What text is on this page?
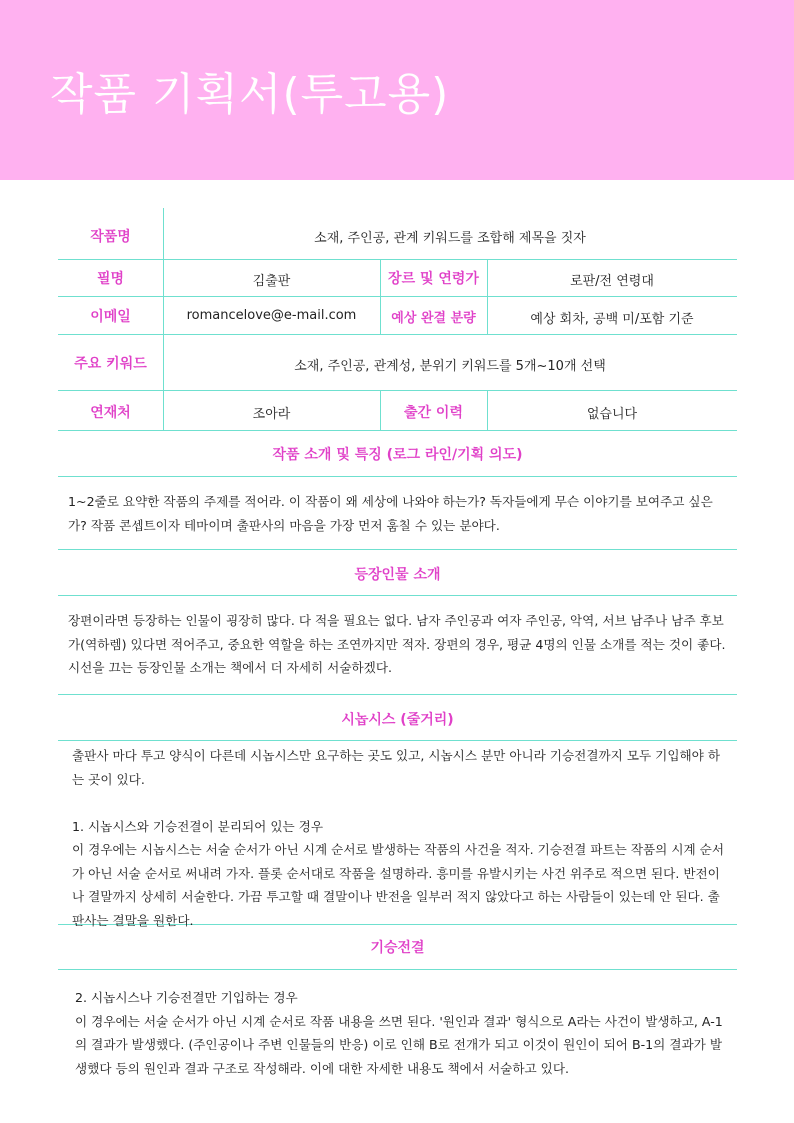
작품 기획서(투고용)
작품명	소재, 주인공, 관계 키워드를 조합해 제목을 짓자
필명	김출판	장르 및 연령가	로판/전 연령대
이메일	romancelove@e-mail.com	예상 완결 분량	예상 회차, 공백 미/포함 기준
주요 키워드	소재, 주인공, 관계성, 분위기 키워드를 5개~10개 선택
연재처	조아라	출간 이력	없습니다
작품 소개 및 특징 (로그 라인/기획 의도)

1~2줄로 요약한 작품의 주제를 적어라. 이 작품이 왜 세상에 나와야 하는가? 독자들에게 무슨 이야기를 보여주고 싶은가? 작품 콘셉트이자 테마이며 출판사의 마음을 가장 먼저 훔칠 수 있는 분야다.

등장인물 소개

장편이라면 등장하는 인물이 굉장히 많다. 다 적을 필요는 없다. 남자 주인공과 여자 주인공, 악역, 서브 남주나 남주 후보가(역하렘) 있다면 적어주고, 중요한 역할을 하는 조연까지만 적자. 장편의 경우, 평균 4명의 인물 소개를 적는 것이 좋다. 시선을 끄는 등장인물 소개는 책에서 더 자세히 서술하겠다.

시놉시스 (줄거리)

출판사 마다 투고 양식이 다른데 시놉시스만 요구하는 곳도 있고, 시놉시스 분만 아니라 기승전결까지 모두 기입해야 하는 곳이 있다.

1. 시놉시스와 기승전결이 분리되어 있는 경우

이 경우에는 시놉시스는 서술 순서가 아닌 시계 순서로 발생하는 작품의 사건을 적자. 기승전결 파트는 작품의 시계 순서가 아닌 서술 순서로 써내려 가자. 플롯 순서대로 작품을 설명하라. 흥미를 유발시키는 사건 위주로 적으면 된다. 반전이나 결말까지 상세히 서술한다. 가끔 투고할 때 결말이나 반전을 일부러 적지 않았다고 하는 사람들이 있는데 안 된다. 출판사는 결말을 원한다.

기승전결

2. 시놉시스나 기승전결만 기입하는 경우

이 경우에는 서술 순서가 아닌 시계 순서로 작품 내용을 쓰면 된다. '원인과 결과' 형식으로 A라는 사건이 발생하고, A-1의 결과가 발생했다. (주인공이나 주변 인물들의 반응) 이로 인해 B로 전개가 되고 이것이 원인이 되어 B-1의 결과가 발생했다 등의 원인과 결과 구조로 작성해라. 이에 대한 자세한 내용도 책에서 서술하고 있다.
